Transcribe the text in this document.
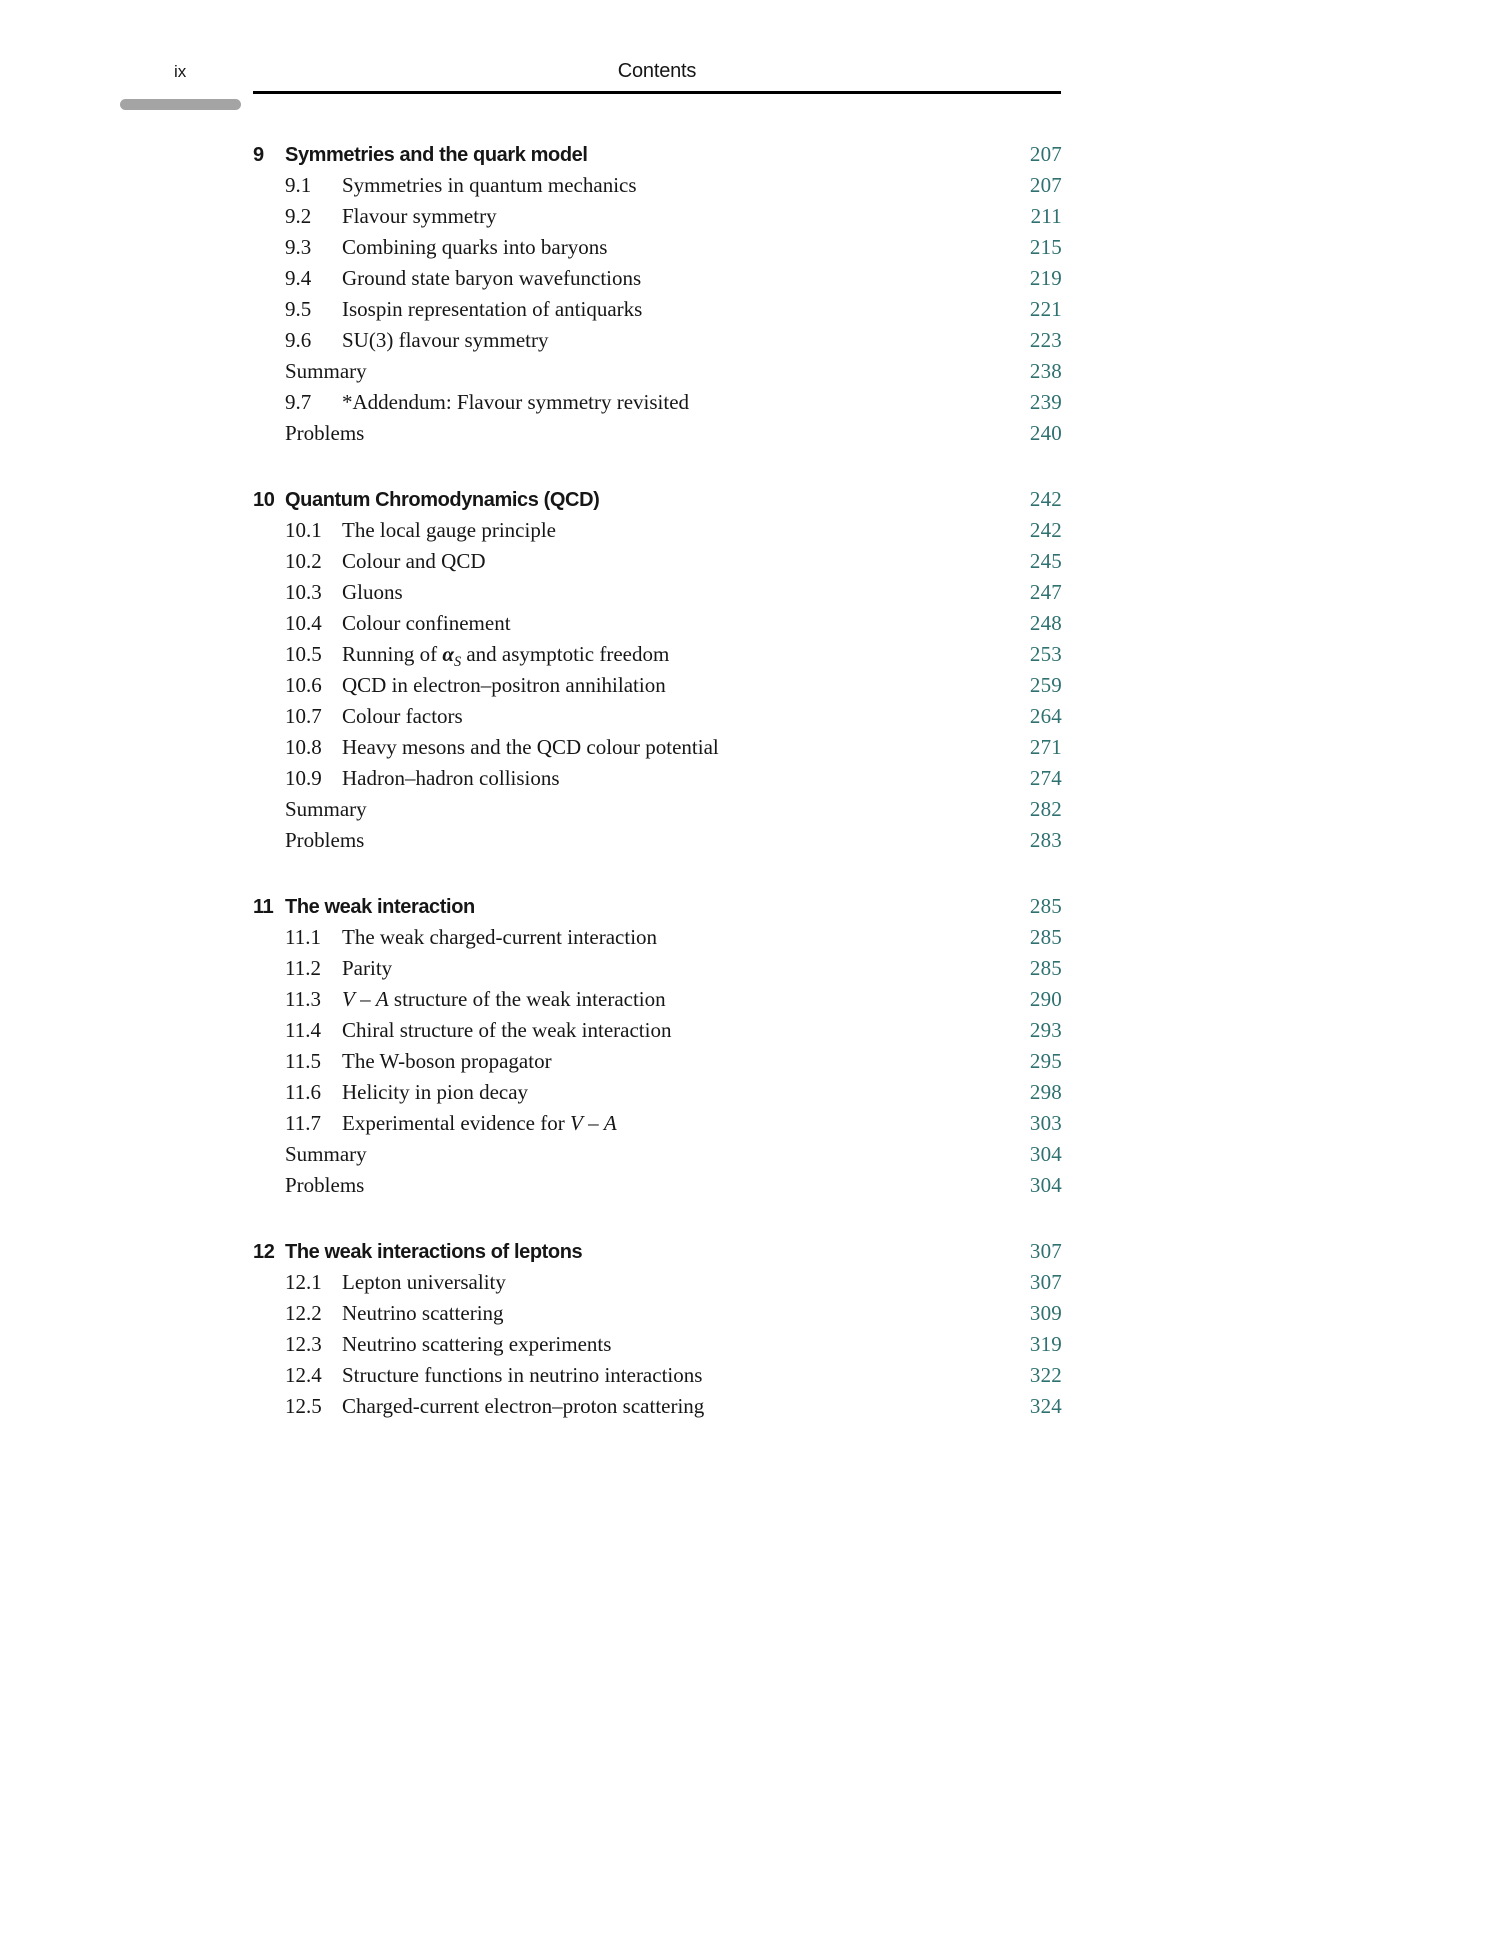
ix	Contents
9	Symmetries and the quark model	207
9.1	Symmetries in quantum mechanics	207
9.2	Flavour symmetry	211
9.3	Combining quarks into baryons	215
9.4	Ground state baryon wavefunctions	219
9.5	Isospin representation of antiquarks	221
9.6	SU(3) flavour symmetry	223
Summary	238
9.7	*Addendum: Flavour symmetry revisited	239
Problems	240
10 Quantum Chromodynamics (QCD)	242
10.1 The local gauge principle	242
10.2 Colour and QCD	245
10.3 Gluons	247
10.4 Colour confinement	248
10.5 Running of $\alpha_S$ and asymptotic freedom	253
10.6 QCD in electron–positron annihilation	259
10.7 Colour factors	264
10.8 Heavy mesons and the QCD colour potential	271
10.9 Hadron–hadron collisions	274
Summary	282
Problems	283
11 The weak interaction	285
11.1	The weak charged-current interaction	285
11.2	Parity	285
11.3	V – A structure of the weak interaction	290
11.4	Chiral structure of the weak interaction	293
11.5	The W-boson propagator	295
11.6	Helicity in pion decay	298
11.7	Experimental evidence for V – A	303
Summary	304
Problems	304
12 The weak interactions of leptons	307
12.1 Lepton universality	307
12.2 Neutrino scattering	309
12.3 Neutrino scattering experiments	319
12.4 Structure functions in neutrino interactions	322
12.5 Charged-current electron–proton scattering	324
